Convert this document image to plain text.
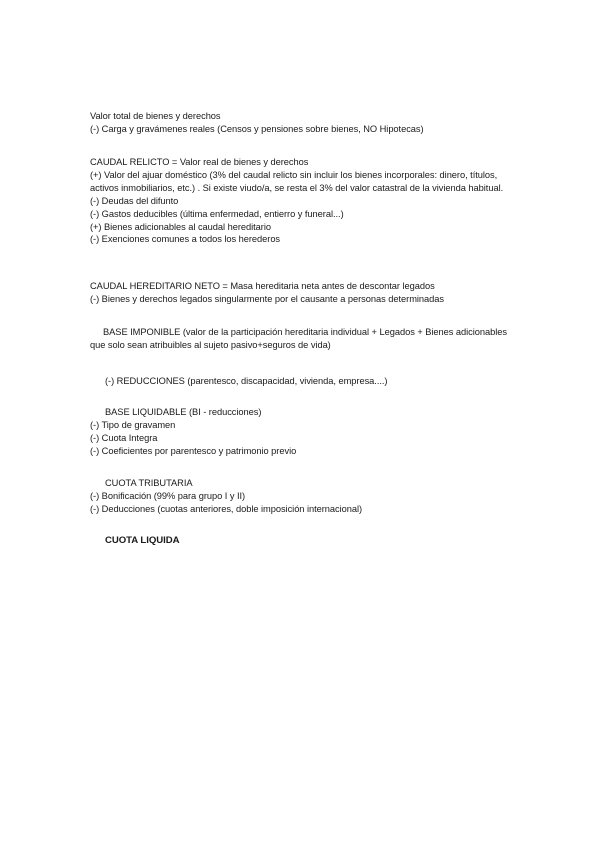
Valor total de bienes y derechos
(-) Carga y gravámenes reales (Censos y pensiones sobre bienes, NO Hipotecas)
CAUDAL RELICTO = Valor real de bienes y derechos
(+) Valor del ajuar doméstico (3% del caudal relicto sin incluir los bienes incorporales: dinero, títulos, activos inmobiliarios, etc.) . Si existe viudo/a, se resta el 3% del valor catastral de la vivienda habitual.
(-) Deudas del difunto
(-) Gastos deducibles (última enfermedad, entierro y funeral...)
(+) Bienes adicionables al caudal hereditario
(-) Exenciones comunes a todos los herederos
CAUDAL HEREDITARIO NETO = Masa hereditaria neta antes de descontar legados
(-) Bienes y derechos legados singularmente por el causante a personas determinadas
BASE IMPONIBLE (valor de la participación hereditaria individual + Legados + Bienes adicionables que solo sean atribuibles al sujeto pasivo+seguros de vida)
(-) REDUCCIONES (parentesco, discapacidad, vivienda, empresa....)
BASE LIQUIDABLE (BI - reducciones)
(-) Tipo de gravamen
(-) Cuota Integra
(-) Coeficientes por parentesco y patrimonio previo
CUOTA TRIBUTARIA
(-) Bonificación (99% para grupo I y II)
(-) Deducciones (cuotas anteriores, doble imposición internacional)
CUOTA LIQUIDA
